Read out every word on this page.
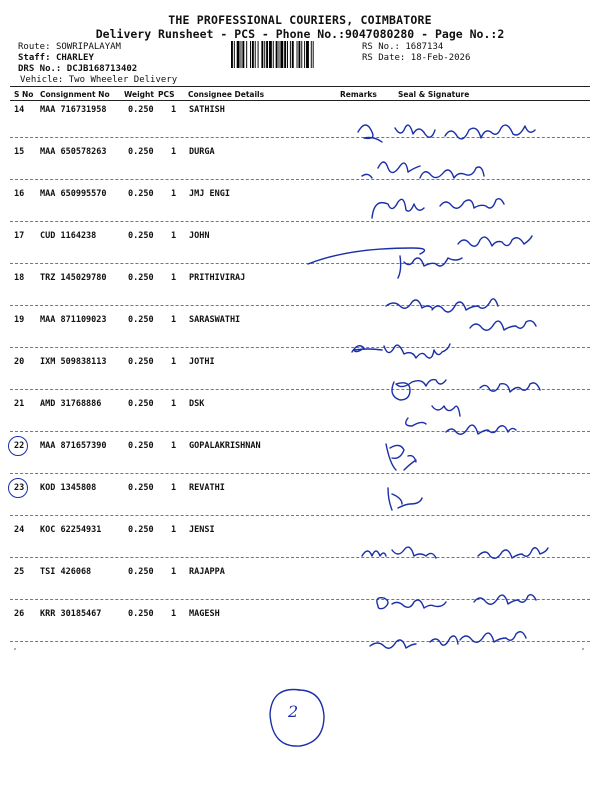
THE PROFESSIONAL COURIERS, COIMBATORE
Delivery Runsheet - PCS - Phone No.:9047080280 - Page No.:2
Route: SOWRIPALAYAM
Staff: CHARLEY
DRS No.: DCJB168713402
Vehicle: Two Wheeler Delivery
RS No.: 1687134
RS Date: 18-Feb-2026
S No Consignment No Weight PCS Consignee Details	Remarks	Seal & Signature
14 MAA 716731958	0.250 1 SATHISH
15 MAA 650578263	0.250 1 DURGA
16 MAA 650995570	0.250 1 JMJ ENGI
17 CUD 1164238	0.250 1 JOHN
18 TRZ 145029780	0.250 1 PRITHIVIRAJ
19 MAA 871109023	0.250 1 SARASWATHI
20 IXM 509838113	0.250 1 JOTHI
21 AMD 31768886	0.250 1 DSK
22 MAA 871657390	0.250 1 GOPALAKRISHNAN
23 KOD 1345808	0.250 1 REVATHI
24 KOC 62254931	0.250 1 JENSI
25 TSI 426068	0.250 1 RAJAPPA
26 KRR 30185467	0.250 1 MAGESH
2
